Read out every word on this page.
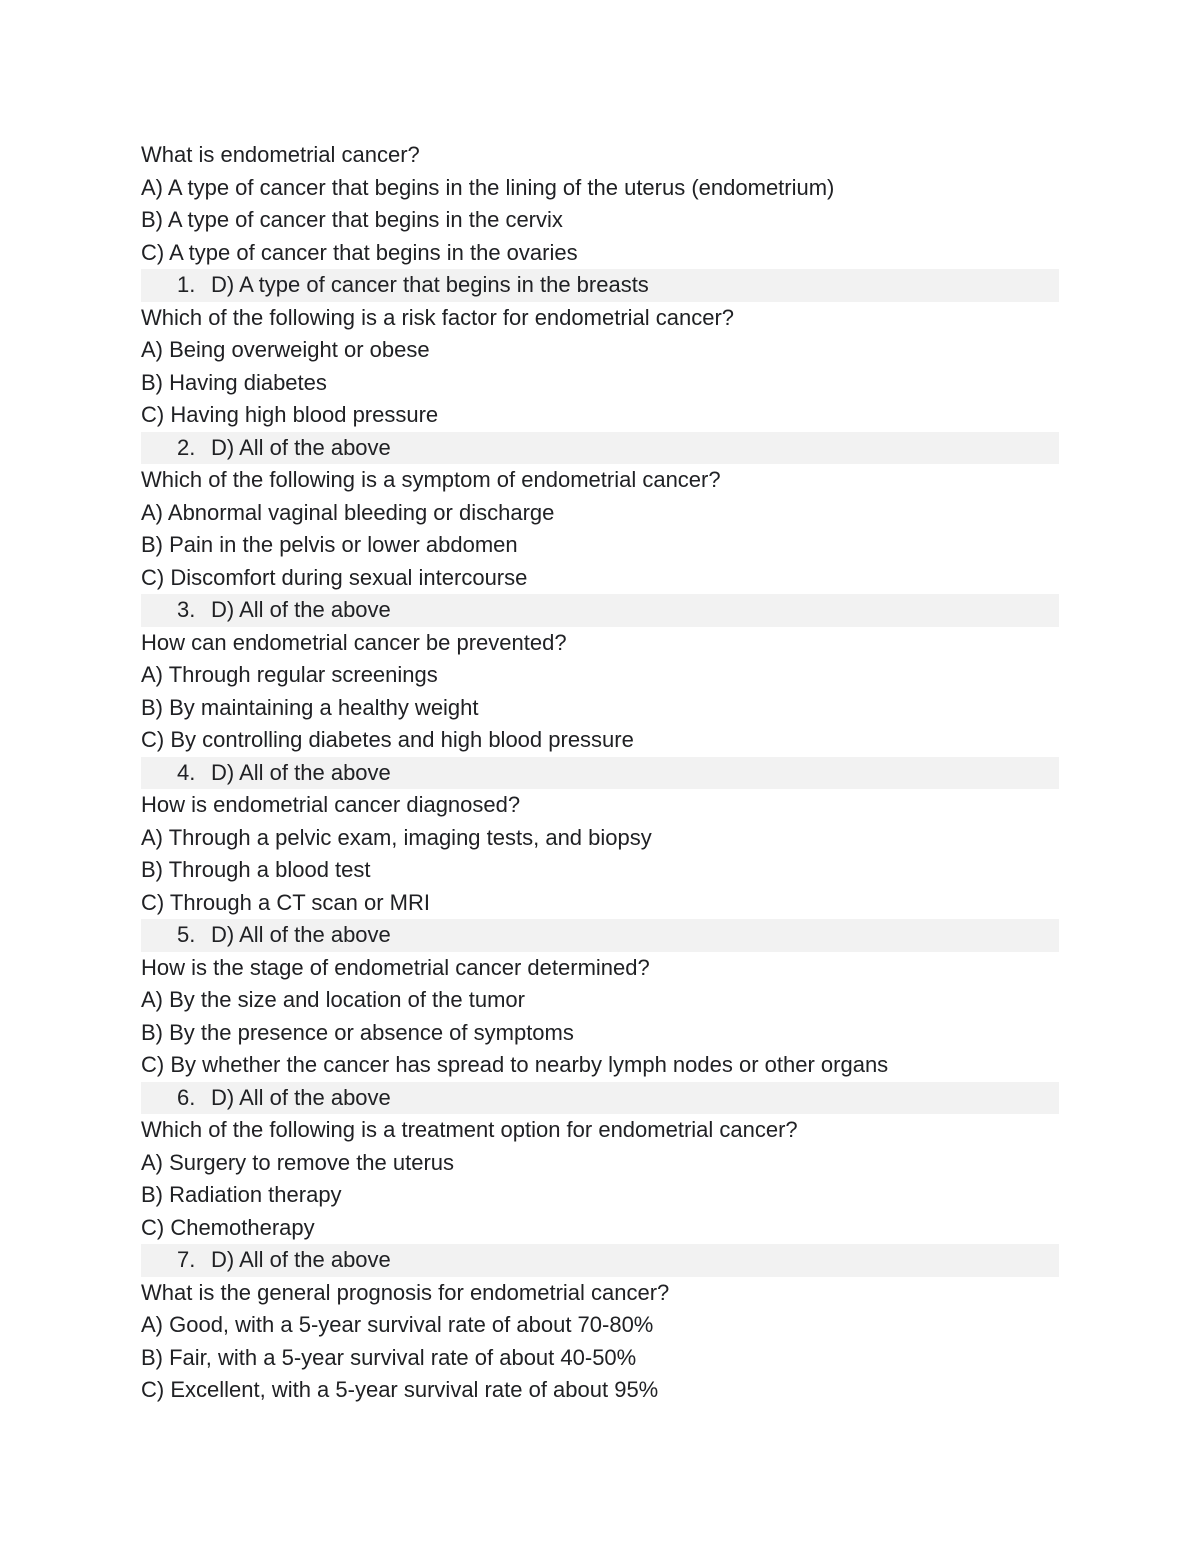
What is endometrial cancer?
A) A type of cancer that begins in the lining of the uterus (endometrium)
B) A type of cancer that begins in the cervix
C) A type of cancer that begins in the ovaries
1. D) A type of cancer that begins in the breasts
Which of the following is a risk factor for endometrial cancer?
A) Being overweight or obese
B) Having diabetes
C) Having high blood pressure
2. D) All of the above
Which of the following is a symptom of endometrial cancer?
A) Abnormal vaginal bleeding or discharge
B) Pain in the pelvis or lower abdomen
C) Discomfort during sexual intercourse
3. D) All of the above
How can endometrial cancer be prevented?
A) Through regular screenings
B) By maintaining a healthy weight
C) By controlling diabetes and high blood pressure
4. D) All of the above
How is endometrial cancer diagnosed?
A) Through a pelvic exam, imaging tests, and biopsy
B) Through a blood test
C) Through a CT scan or MRI
5. D) All of the above
How is the stage of endometrial cancer determined?
A) By the size and location of the tumor
B) By the presence or absence of symptoms
C) By whether the cancer has spread to nearby lymph nodes or other organs
6. D) All of the above
Which of the following is a treatment option for endometrial cancer?
A) Surgery to remove the uterus
B) Radiation therapy
C) Chemotherapy
7. D) All of the above
What is the general prognosis for endometrial cancer?
A) Good, with a 5-year survival rate of about 70-80%
B) Fair, with a 5-year survival rate of about 40-50%
C) Excellent, with a 5-year survival rate of about 95%
